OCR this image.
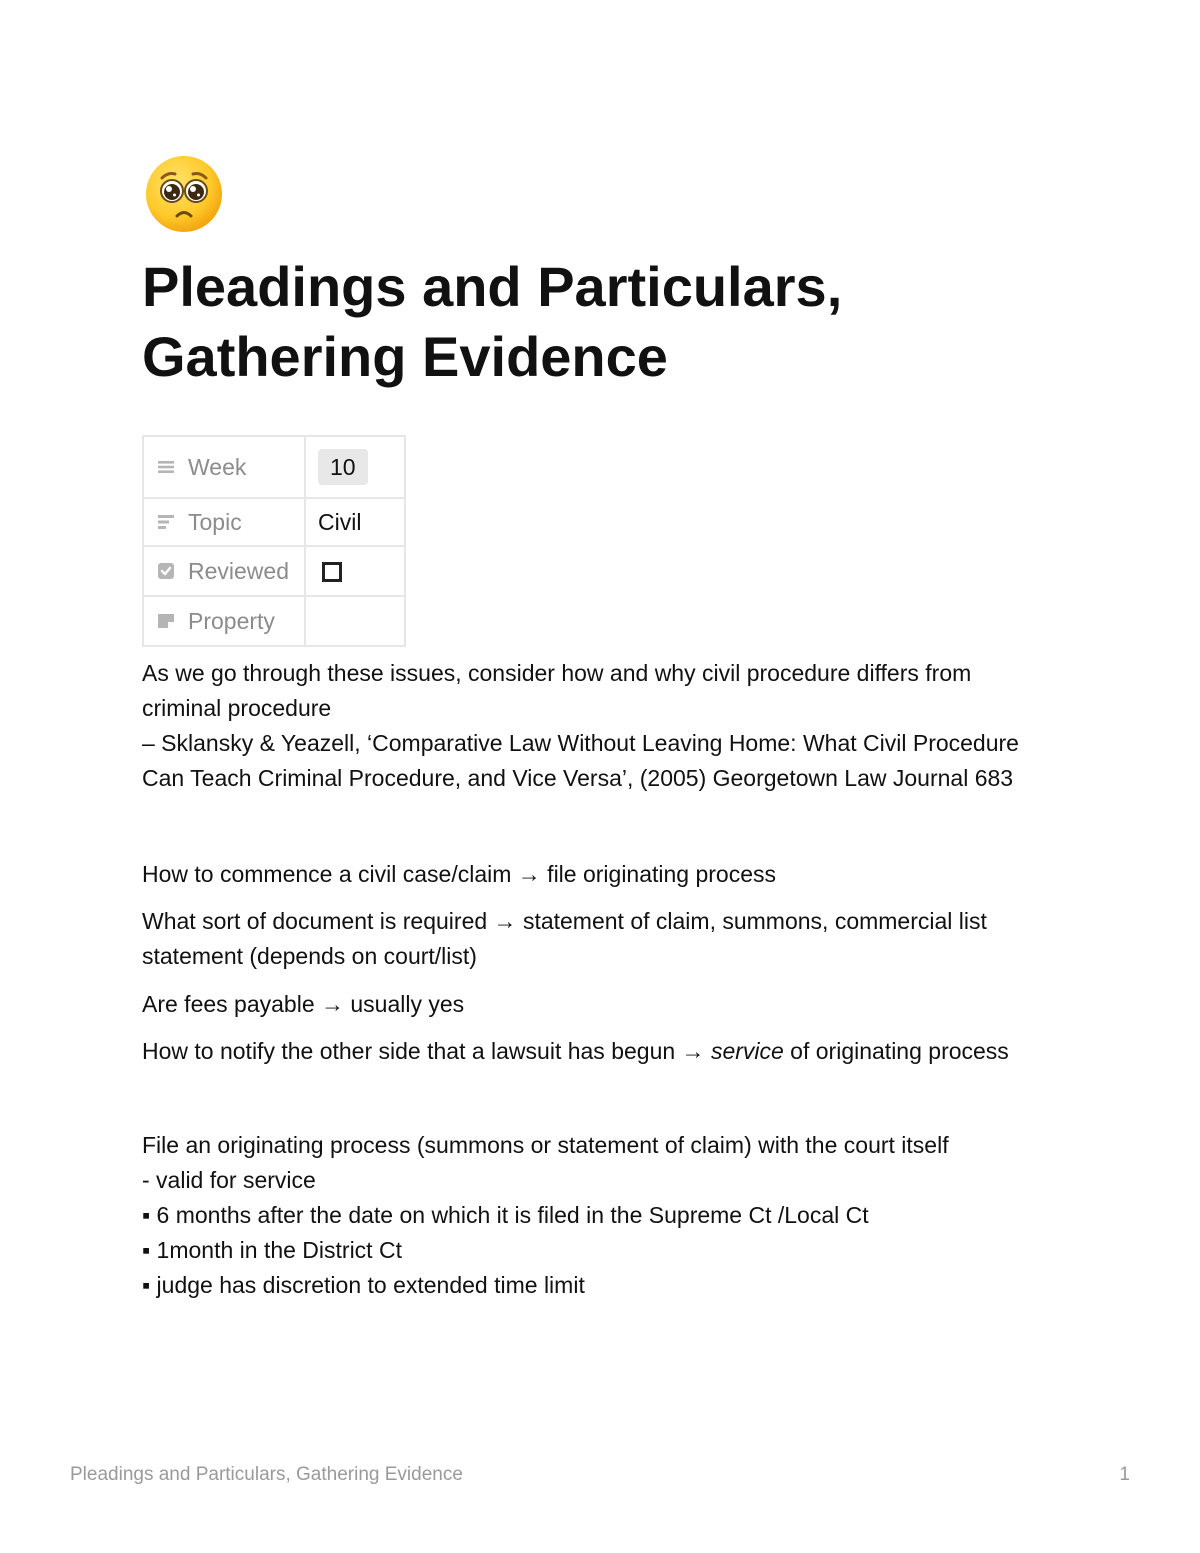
Pleadings and Particulars,
Gathering Evidence
Week	10

Topic	Civil

Reviewed	

Property	

As we go through these issues, consider how and why civil procedure differs from
criminal procedure
– Sklansky & Yeazell, ‘Comparative Law Without Leaving Home: What Civil Procedure
Can Teach Criminal Procedure, and Vice Versa’, (2005) Georgetown Law Journal 683

How to commence a civil case/claim → file originating process

What sort of document is required → statement of claim, summons, commercial list
statement (depends on court/list)

Are fees payable → usually yes

How to notify the other side that a lawsuit has begun → service of originating process

File an originating process (summons or statement of claim) with the court itself
- valid for service
▪ 6 months after the date on which it is filed in the Supreme Ct /Local Ct
▪ 1month in the District Ct
▪ judge has discretion to extended time limit

Pleadings and Particulars, Gathering Evidence	1
